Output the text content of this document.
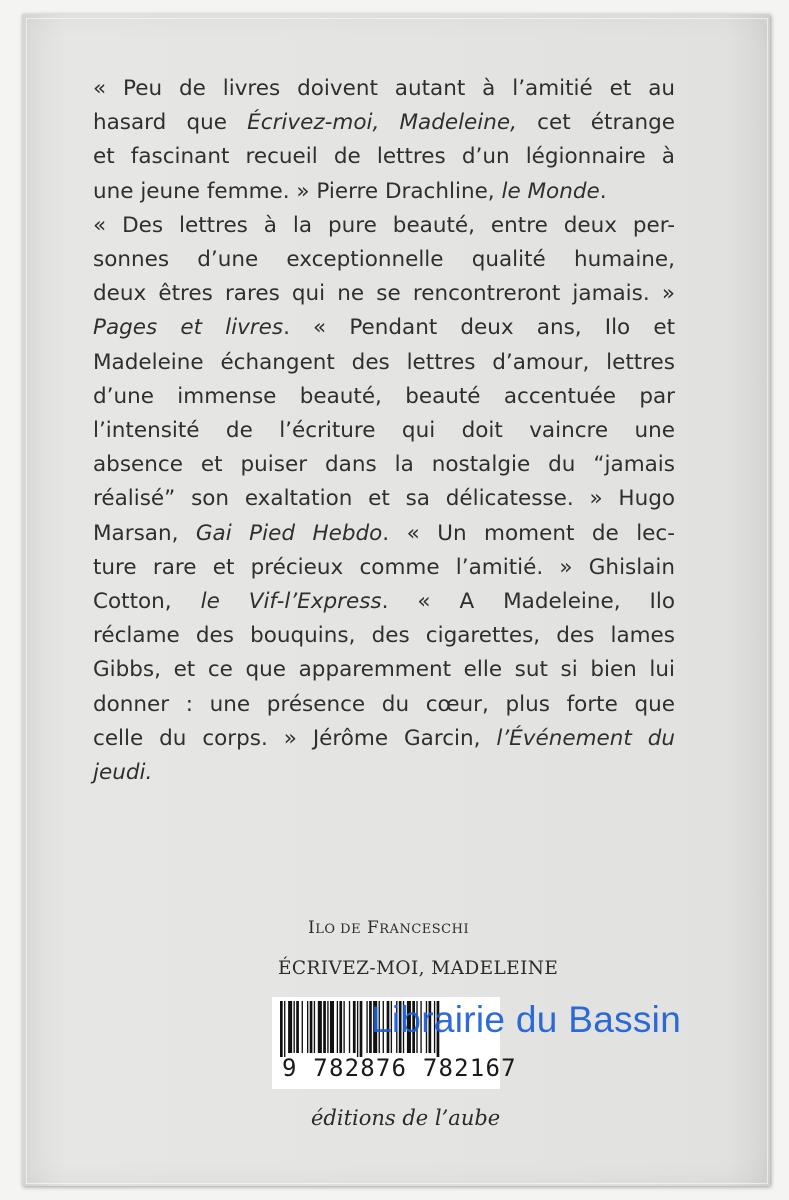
« Peu de livres doivent autant à l’amitié et au
hasard que Écrivez-moi, Madeleine, cet étrange
et fascinant recueil de lettres d’un légionnaire à
une jeune femme. » Pierre Drachline, le Monde.
« Des lettres à la pure beauté, entre deux per-
sonnes d’une exceptionnelle qualité humaine,
deux êtres rares qui ne se rencontreront jamais. »
Pages et livres. « Pendant deux ans, Ilo et
Madeleine échangent des lettres d’amour, lettres
d’une immense beauté, beauté accentuée par
l’intensité de l’écriture qui doit vaincre une
absence et puiser dans la nostalgie du “jamais
réalisé” son exaltation et sa délicatesse. » Hugo
Marsan, Gai Pied Hebdo. « Un moment de lec-
ture rare et précieux comme l’amitié. » Ghislain
Cotton, le Vif-l’Express. « A Madeleine, Ilo
réclame des bouquins, des cigarettes, des lames
Gibbs, et ce que apparemment elle sut si bien lui
donner : une présence du cœur, plus forte que
celle du corps. » Jérôme Garcin, l’Événement du
jeudi.
ILO DE FRANCESCHI
ÉCRIVEZ-MOI, MADELEINE
9 782876 782167
Librairie du Bassin
éditions de l’aube
